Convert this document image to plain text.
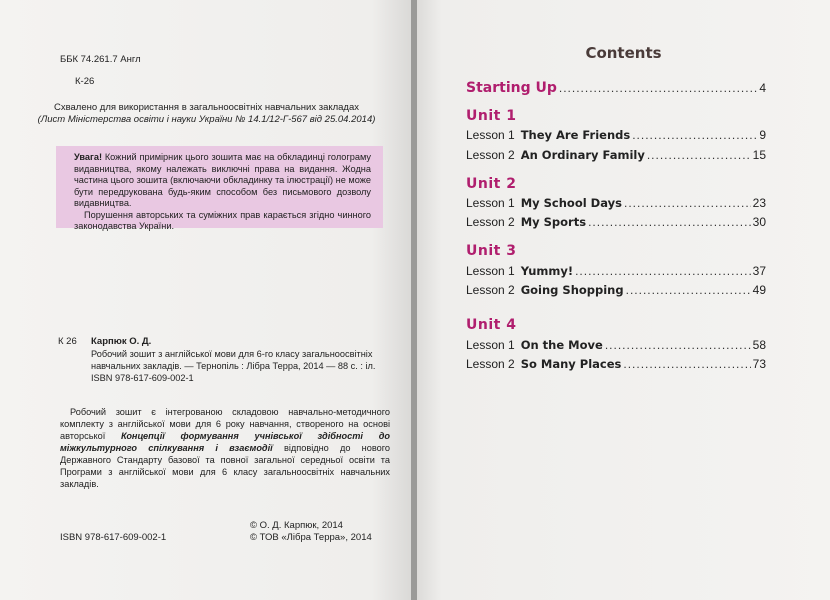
ББК 74.261.7 Англ
К-26
Схвалено для використання в загальноосвітніх навчальних закладах
(Лист Міністерства освіти і науки України № 14.1/12-Г-567 від 25.04.2014)

Увага! Кожний примірник цього зошита має на обкладинці голограму видавництва, якому належать виключні права на видання. Жодна частина цього зошита (включаючи обкладинку та ілюстрації) не може бути передрукована будь-яким способом без письмового дозволу видавництва.

Порушення авторських та суміжних прав карається згідно чинного законодавства України.

К 26 Карпюк О. Д.
Робочий зошит з англійської мови для 6-го класу загальноосвітніх
навчальних закладів. — Тернопіль : Лібра Терра, 2014 — 88 с. : іл.
ISBN 978-617-609-002-1
Робочий зошит є інтегрованою складовою навчально-методичного комплекту з англійської мови для 6 року навчання, створеного на основі авторської Концепції формування учнівської здібності до міжкультурного спілкування і взаємодії відповідно до нового Державного Стандарту базової та повної загальної середньої освіти та Програми з англійської мови для 6 класу загальноосвітніх навчальних закладів.
ISBN 978-617-609-002-1
© О. Д. Карпюк, 2014
© ТОВ «Лібра Терра», 2014
Contents
Starting Up .....	4
Unit 1
Lesson 1 They Are Friends .....	9
Lesson 2 An Ordinary Family .....	15
Unit 2
Lesson 1 My School Days .....	23
Lesson 2 My Sports .....	30
Unit 3
Lesson 1 Yummy! .....	37
Lesson 2 Going Shopping .....	49
Unit 4
Lesson 1 On the Move .....	58
Lesson 2 So Many Places .....	73
